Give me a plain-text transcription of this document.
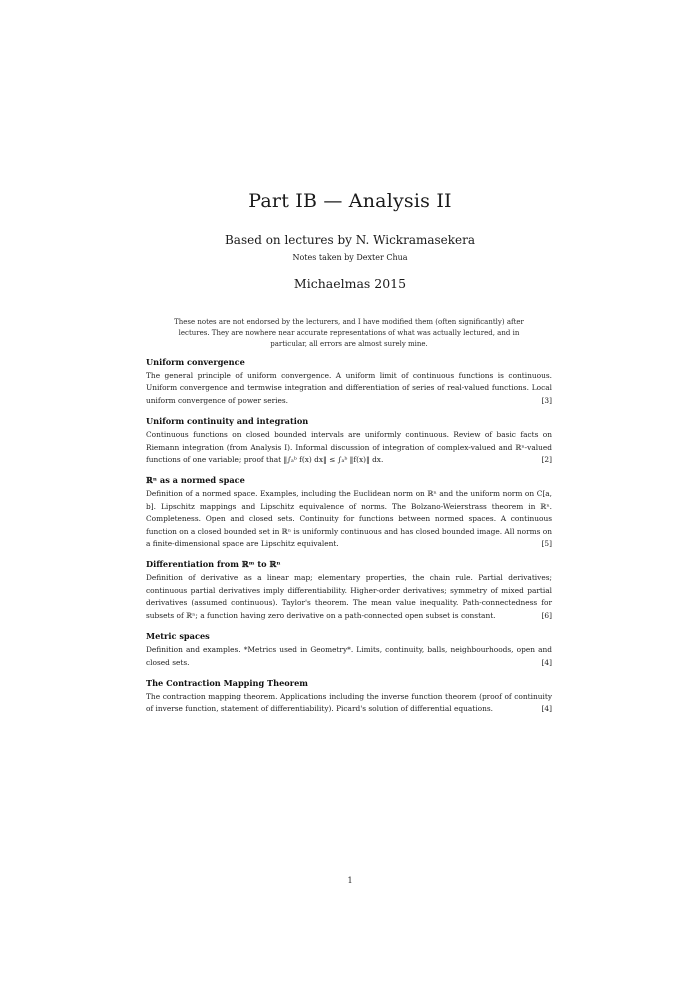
Part IB — Analysis II
Based on lectures by N. Wickramasekera
Notes taken by Dexter Chua
Michaelmas 2015
These notes are not endorsed by the lecturers, and I have modified them (often significantly) after lectures. They are nowhere near accurate representations of what was actually lectured, and in particular, all errors are almost surely mine.
Uniform convergence
The general principle of uniform convergence. A uniform limit of continuous functions is continuous. Uniform convergence and termwise integration and differentiation of series of real-valued functions. Local uniform convergence of power series.	[3]
Uniform continuity and integration
Continuous functions on closed bounded intervals are uniformly continuous. Review of basic facts on Riemann integration (from Analysis I). Informal discussion of integration of complex-valued and ℝⁿ-valued functions of one variable; proof that ‖∫ₐᵇ f(x) dx‖ ≤ ∫ₐᵇ ‖f(x)‖ dx.	[2]
ℝⁿ as a normed space
Definition of a normed space. Examples, including the Euclidean norm on ℝⁿ and the uniform norm on C[a, b]. Lipschitz mappings and Lipschitz equivalence of norms. The Bolzano-Weierstrass theorem in ℝⁿ. Completeness. Open and closed sets. Continuity for functions between normed spaces. A continuous function on a closed bounded set in ℝⁿ is uniformly continuous and has closed bounded image. All norms on a finite-dimensional space are Lipschitz equivalent.	[5]
Differentiation from ℝᵐ to ℝⁿ
Definition of derivative as a linear map; elementary properties, the chain rule. Partial derivatives; continuous partial derivatives imply differentiability. Higher-order derivatives; symmetry of mixed partial derivatives (assumed continuous). Taylor's theorem. The mean value inequality. Path-connectedness for subsets of ℝⁿ; a function having zero derivative on a path-connected open subset is constant.	[6]
Metric spaces
Definition and examples. *Metrics used in Geometry*. Limits, continuity, balls, neighbourhoods, open and closed sets.	[4]
The Contraction Mapping Theorem
The contraction mapping theorem. Applications including the inverse function theorem (proof of continuity of inverse function, statement of differentiability). Picard's solution of differential equations.	[4]
1
